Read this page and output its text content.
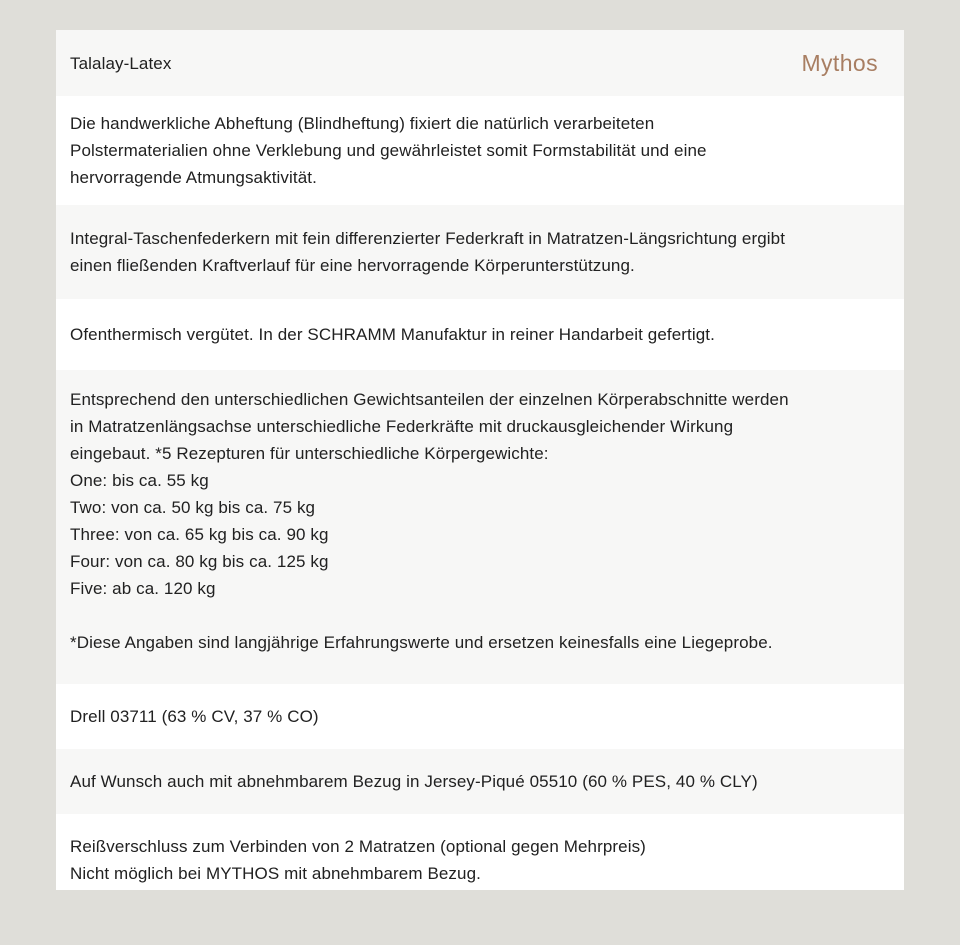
Talalay-Latex	Mythos
Die handwerkliche Abheftung (Blindheftung) fixiert die natürlich verarbeiteten
Polstermaterialien ohne Verklebung und gewährleistet somit Formstabilität und eine
hervorragende Atmungsaktivität.
Integral-Taschenfederkern mit fein differenzierter Federkraft in Matratzen-Längsrichtung ergibt
einen fließenden Kraftverlauf für eine hervorragende Körperunterstützung.
Ofenthermisch vergütet. In der SCHRAMM Manufaktur in reiner Handarbeit gefertigt.
Entsprechend den unterschiedlichen Gewichtsanteilen der einzelnen Körperabschnitte werden
in Matratzenlängsachse unterschiedliche Federkräfte mit druckausgleichender Wirkung
eingebaut. *5 Rezepturen für unterschiedliche Körpergewichte:
One: bis ca. 55 kg
Two: von ca. 50 kg bis ca. 75 kg
Three: von ca. 65 kg bis ca. 90 kg
Four: von ca. 80 kg bis ca. 125 kg
Five: ab ca. 120 kg
*Diese Angaben sind langjährige Erfahrungswerte und ersetzen keinesfalls eine Liegeprobe.
Drell 03711 (63 % CV, 37 % CO)
Auf Wunsch auch mit abnehmbarem Bezug in Jersey-Piqué 05510 (60 % PES, 40 % CLY)
Reißverschluss zum Verbinden von 2 Matratzen (optional gegen Mehrpreis)
Nicht möglich bei MYTHOS mit abnehmbarem Bezug.
